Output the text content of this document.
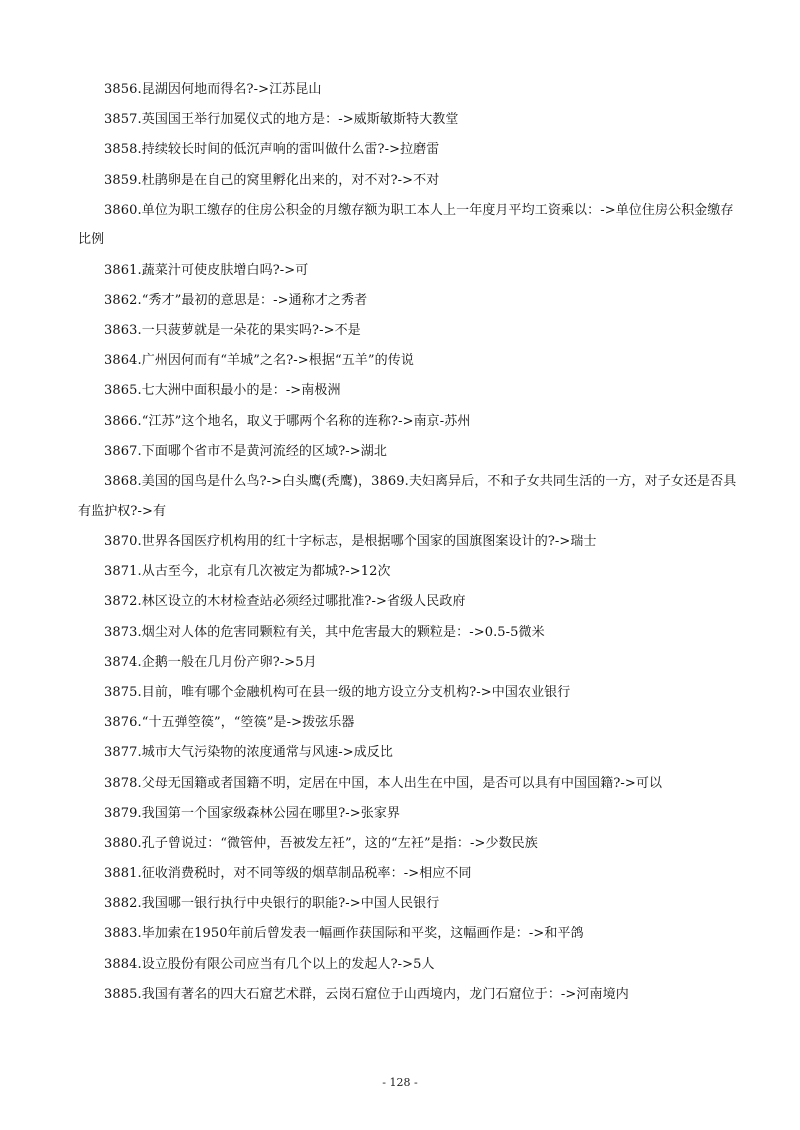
3856.昆湖因何地而得名?->江苏昆山
3857.英国国王举行加冕仪式的地方是：->威斯敏斯特大教堂
3858.持续较长时间的低沉声响的雷叫做什么雷?->拉磨雷
3859.杜鹃卵是在自己的窝里孵化出来的，对不对?->不对
3860.单位为职工缴存的住房公积金的月缴存额为职工本人上一年度月平均工资乘以：->单位住房公积金缴存比例
3861.蔬菜汁可使皮肤增白吗?->可
3862.“秀才”最初的意思是：->通称才之秀者
3863.一只菠萝就是一朵花的果实吗?->不是
3864.广州因何而有“羊城”之名?->根据“五羊”的传说
3865.七大洲中面积最小的是：->南极洲
3866.“江苏”这个地名，取义于哪两个名称的连称?->南京-苏州
3867.下面哪个省市不是黄河流经的区域?->湖北
3868.美国的国鸟是什么鸟?->白头鹰(秃鹰)，3869.夫妇离异后，不和子女共同生活的一方，对子女还是否具有监护权?->有
3870.世界各国医疗机构用的红十字标志，是根据哪个国家的国旗图案设计的?->瑞士
3871.从古至今，北京有几次被定为都城?->12次
3872.林区设立的木材检查站必须经过哪批准?->省级人民政府
3873.烟尘对人体的危害同颗粒有关，其中危害最大的颗粒是：->0.5-5微米
3874.企鹅一般在几月份产卵?->5月
3875.目前，唯有哪个金融机构可在县一级的地方设立分支机构?->中国农业银行
3876.“十五弹箜篌”，“箜篌”是->拨弦乐器
3877.城市大气污染物的浓度通常与风速->成反比
3878.父母无国籍或者国籍不明，定居在中国，本人出生在中国，是否可以具有中国国籍?->可以
3879.我国第一个国家级森林公园在哪里?->张家界
3880.孔子曾说过：“微管仲，吾被发左衽”，这的“左衽”是指：->少数民族
3881.征收消费税时，对不同等级的烟草制品税率：->相应不同
3882.我国哪一银行执行中央银行的职能?->中国人民银行
3883.毕加索在1950年前后曾发表一幅画作获国际和平奖，这幅画作是：->和平鸽
3884.设立股份有限公司应当有几个以上的发起人?->5人
3885.我国有著名的四大石窟艺术群，云岗石窟位于山西境内，龙门石窟位于：->河南境内
- 128 -
